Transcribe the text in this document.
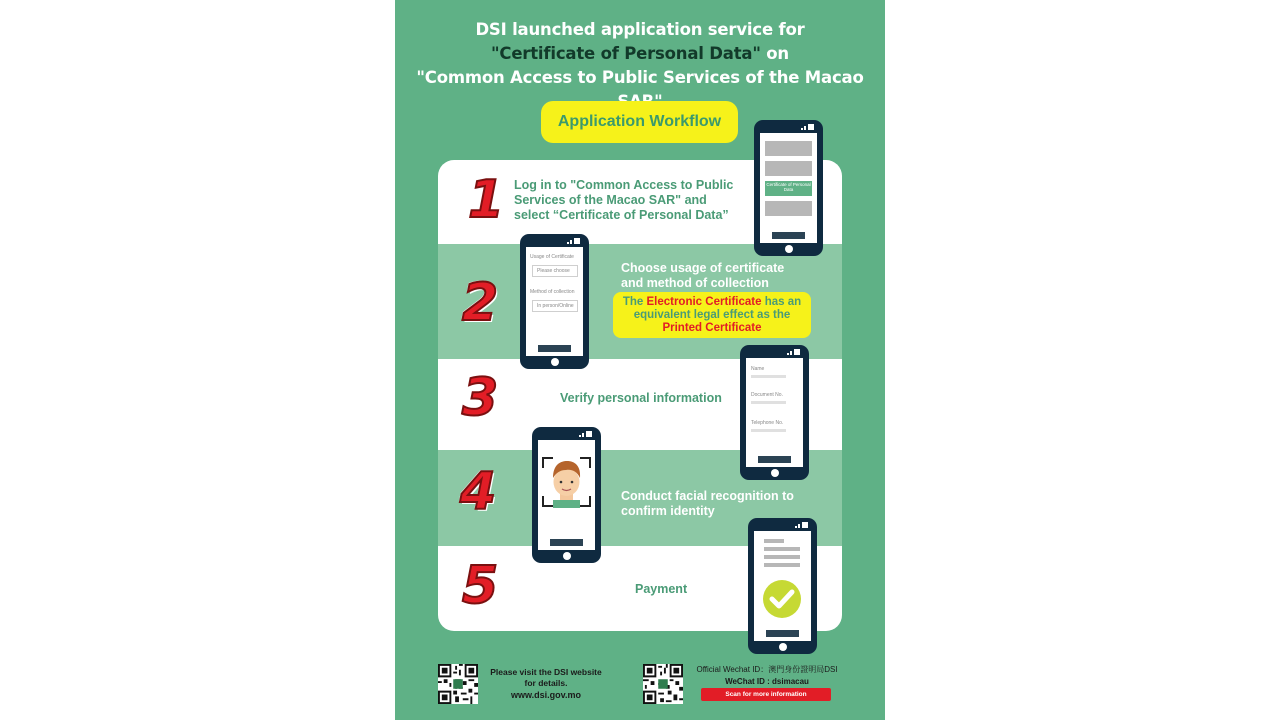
DSI launched application service for
"Certificate of Personal Data" on
"Common Access to Public Services of the Macao
Application Workflow
1 Log in to "Common Access to Public Services of the Macao SAR" and select “Certificate of Personal Data”
2
Choose usage of certificate and method of collection
The Electronic Certificate has an equivalent legal effect as the Printed Certificate
3	Verify personal information
4	Conduct facial recognition to confirm identity
5	Payment
Certificate of Personal Data
Usage of Certificate
Please choose
Method of collection
In person/Online
Name
Document No.
Telephone No.
Please visit the DSI website
for details.
www.dsi.gov.mo
Official Wechat ID：澳門身份證明局DSI
WeChat ID : dsimacau
Scan for more information
